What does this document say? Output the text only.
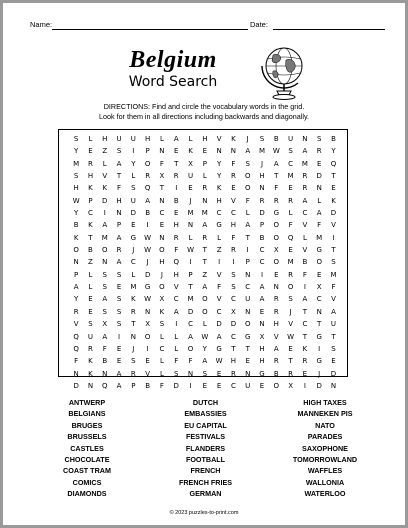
Name:	Date:
Belgium
Word Search
DIRECTIONS: Find and circle the vocabulary words in the grid.
Look for them in all directions including backwards and diagonally.
S	L	H	U	U	H	L	A	L	H	V	K	J	S	B	U	N	S	B
Y	E	Z	S	I	P	N	E	K	E	N	N	A	M	W	S	A	R	Y
M	R	L	A	Y	O	F	T	X	P	Y	F	S	J	A	C	M	E	Q
S	H	V	T	L	R	X	R	U	L	Y	R	O	H	T	M	R	D	T
H	K	K	F	S	Q	T	I	E	R	K	E	O	N	F	E	R	N	E
W	P	D	H	U	A	N	B	J	N	H	V	F	R	R	R	A	L	K
Y	C	I	N	D	B	C	E	M	M	C	C	L	D	G	L	C	A	D
B	K	A	P	E	I	E	H	N	A	G	H	A	P	O	F	V	F	V
K	T	M	A	G	W	N	R	L	R	L	F	T	B	O	Q	L	M	I
O	B	O	R	J	W	O	F	W	T	Z	R	I	C	X	E	V	G	T
N	Z	N	A	C	J	H	Q	I	T	I	I	P	C	O	M	B	O	S
P	L	S	S	L	D	J	H	P	Z	V	S	N	I	E	R	F	E	M
A	L	S	E	M	G	O	V	T	A	F	S	C	A	N	O	I	X	F
Y	E	A	S	K	W	X	C	M	O	V	C	U	A	R	S	A	C	V
R	E	S	S	R	N	K	A	D	O	C	X	N	E	R	J	T	N	A
V	S	X	S	T	X	S	I	C	L	D	D	O	N	H	V	C	T	U
Q	U	A	I	N	O	L	L	A	W	A	C	G	X	V	W	T	G	T
Q	R	F	E	J	I	C	L	O	Y	G	T	T	H	A	E	K	I	S
F	K	B	E	S	E	L	F	F	A	W	H	E	H	R	T	R	G	E
N	K	N	A	R	V	L	S	N	S	E	R	N	G	B	R	E	J	D
D	N	Q	A	P	B	F	D	I	E	E	C	U	E	O	X	I	D	N
ANTWERP
BELGIANS
BRUGES
BRUSSELS
CASTLES
CHOCOLATE
COAST TRAM
COMICS
DIAMONDS
DUTCH
EMBASSIES
EU CAPITAL
FESTIVALS
FLANDERS
FOOTBALL
FRENCH
FRENCH FRIES
GERMAN
HIGH TAXES
MANNEKEN PIS
NATO
PARADES
SAXOPHONE
TOMORROWLAND
WAFFLES
WALLONIA
WATERLOO
© 2023 puzzles-to-print.com
